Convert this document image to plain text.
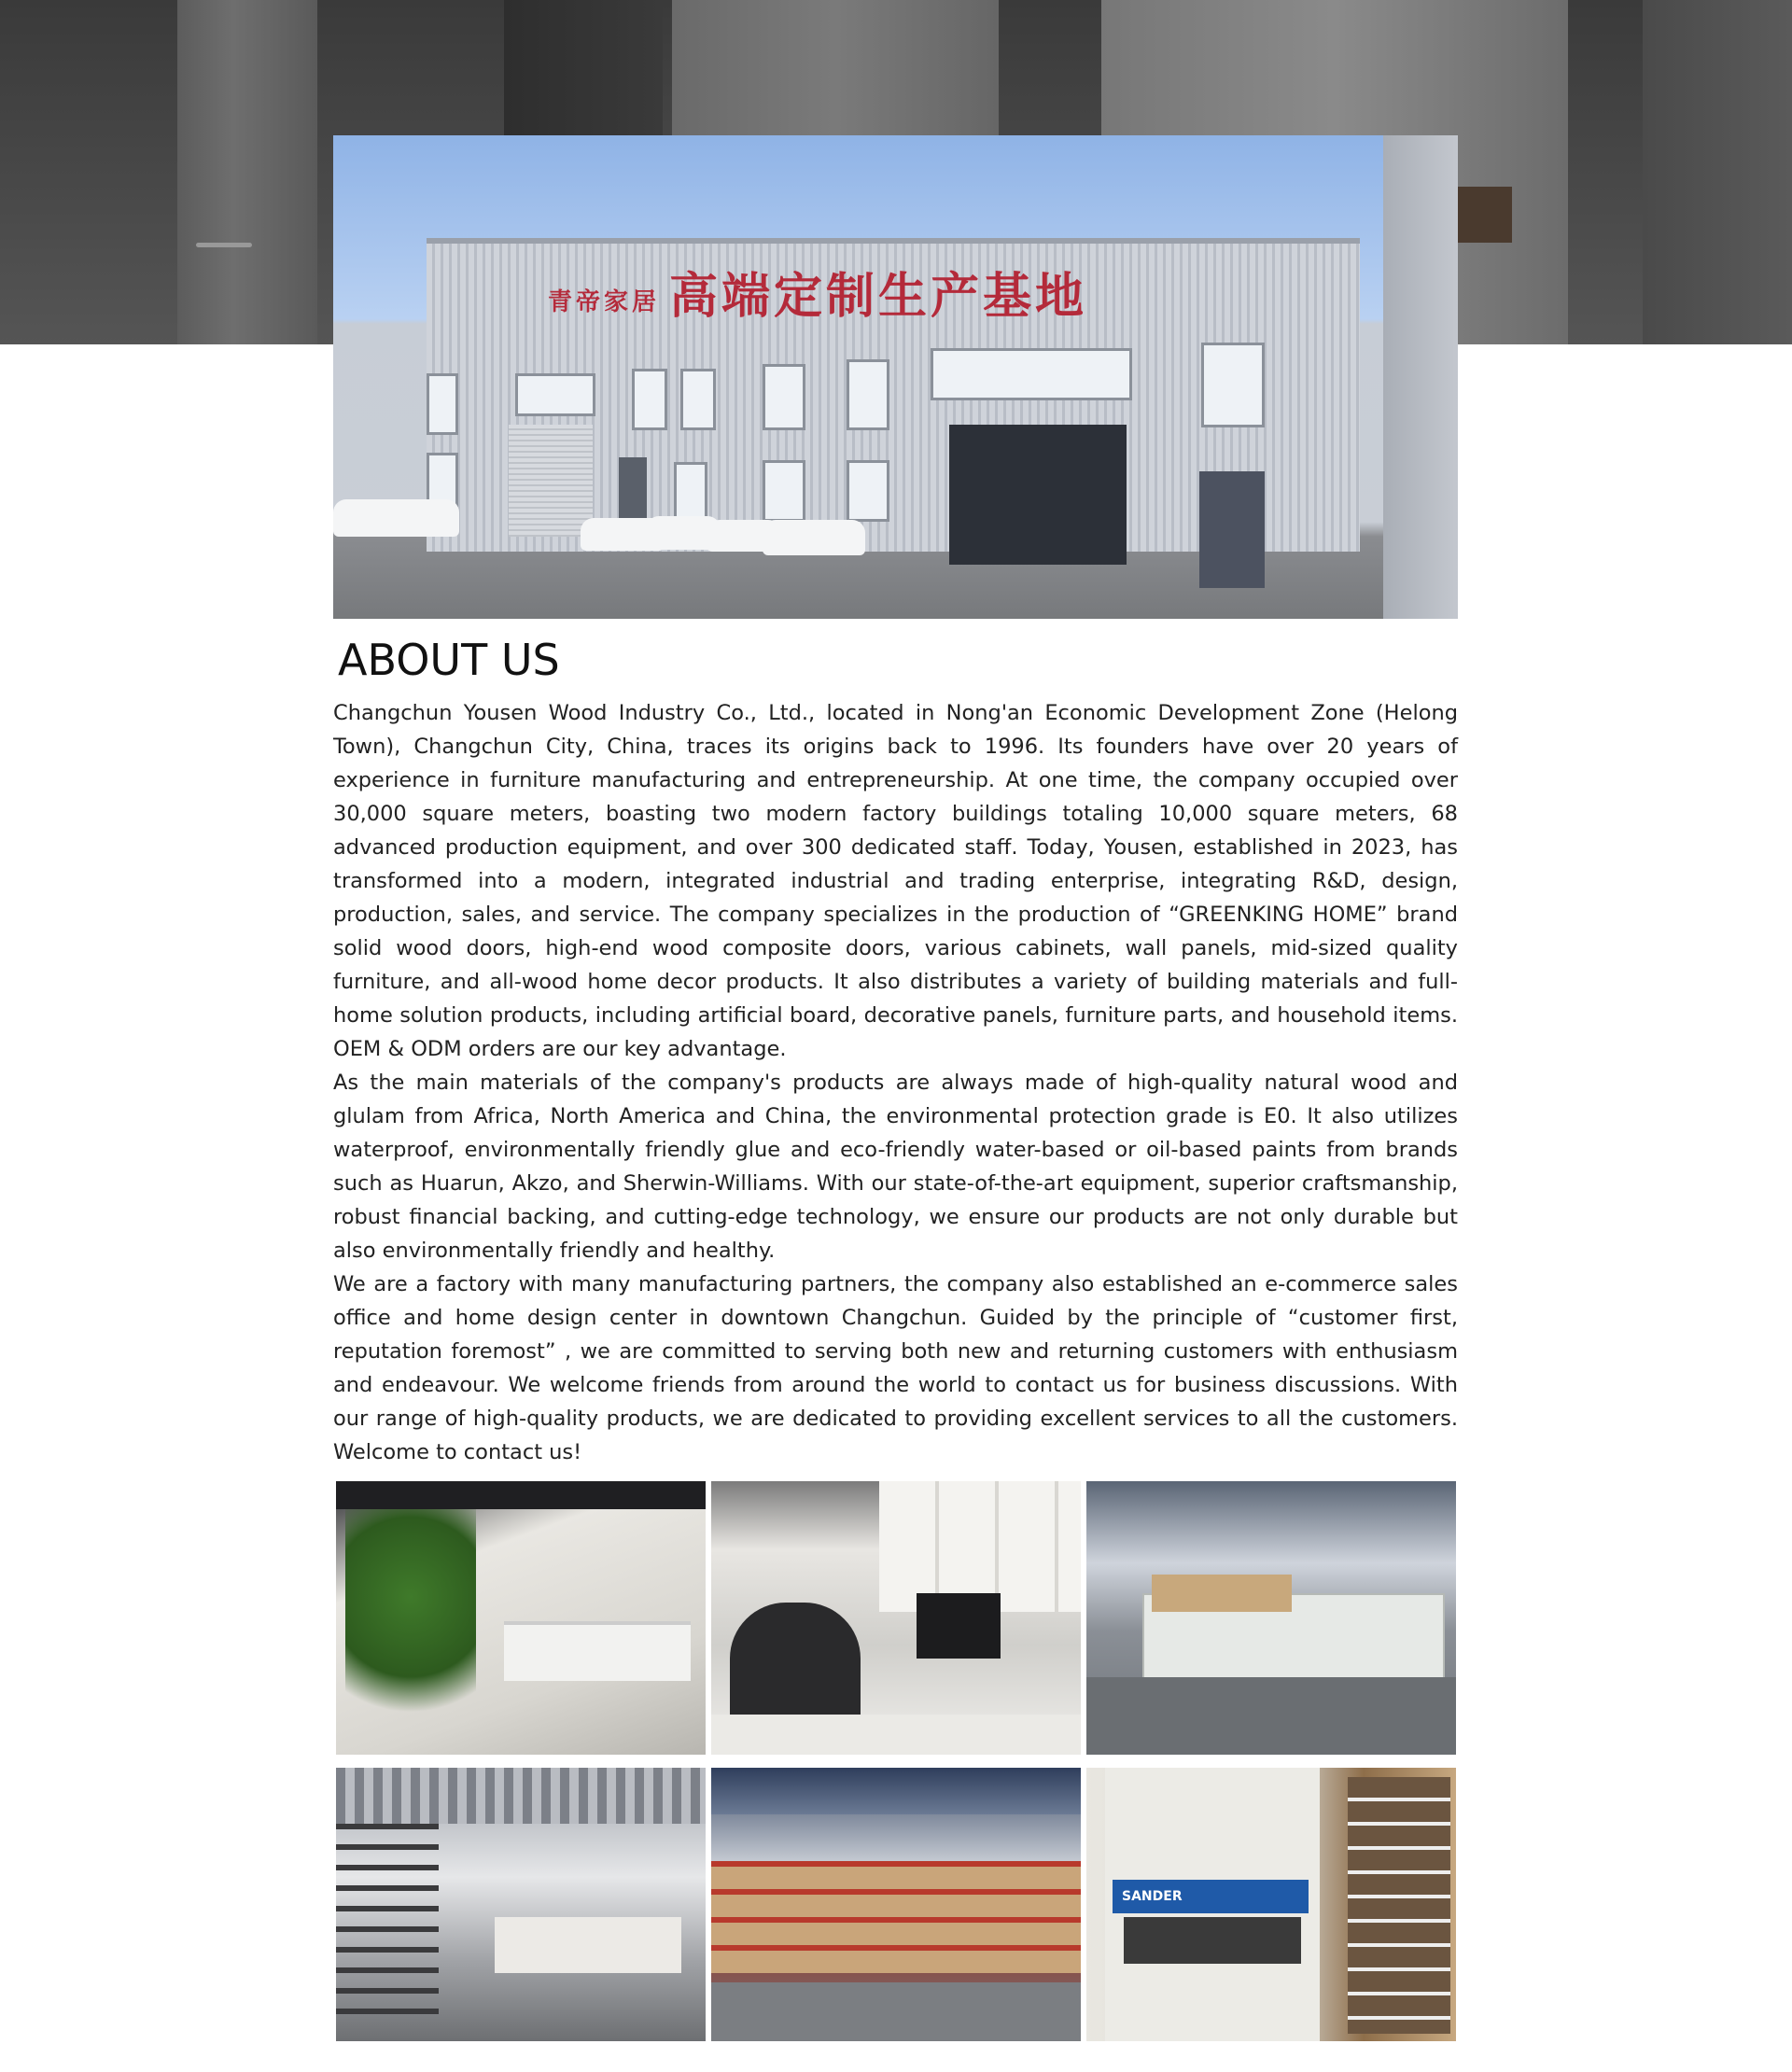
青帝家居 高端定制生产基地
ABOUT US

Changchun Yousen Wood Industry Co., Ltd., located in Nong'an Economic Development Zone (Helong Town), Changchun City, China, traces its origins back to 1996. Its founders have over 20 years of experience in furniture manufacturing and entrepreneurship. At one time, the company occupied over 30,000 square meters, boasting two modern factory buildings totaling 10,000 square meters, 68 advanced production equipment, and over 300 dedicated staff. Today, Yousen, established in 2023, has transformed into a modern, integrated industrial and trading enterprise, integrating R&D, design, production, sales, and service. The company specializes in the production of “GREENKING HOME” brand solid wood doors, high-end wood composite doors, various cabinets, wall panels, mid-sized quality furniture, and all-wood home decor products. It also distributes a variety of building materials and full-home solution products, including artificial board, decorative panels, furniture parts, and household items. OEM & ODM orders are our key advantage.

As the main materials of the company's products are always made of high-quality natural wood and glulam from Africa, North America and China, the environmental protection grade is E0. It also utilizes waterproof, environmentally friendly glue and eco-friendly water-based or oil-based paints from brands such as Huarun, Akzo, and Sherwin-Williams. With our state-of-the-art equipment, superior craftsmanship, robust financial backing, and cutting-edge technology, we ensure our products are not only durable but also environmentally friendly and healthy.

We are a factory with many manufacturing partners, the company also established an e-commerce sales office and home design center in downtown Changchun. Guided by the principle of “customer first, reputation foremost” , we are committed to serving both new and returning customers with enthusiasm and endeavour. We welcome friends from around the world to contact us for business discussions. With our range of high-quality products, we are dedicated to providing excellent services to all the customers. Welcome to contact us!

SANDER
